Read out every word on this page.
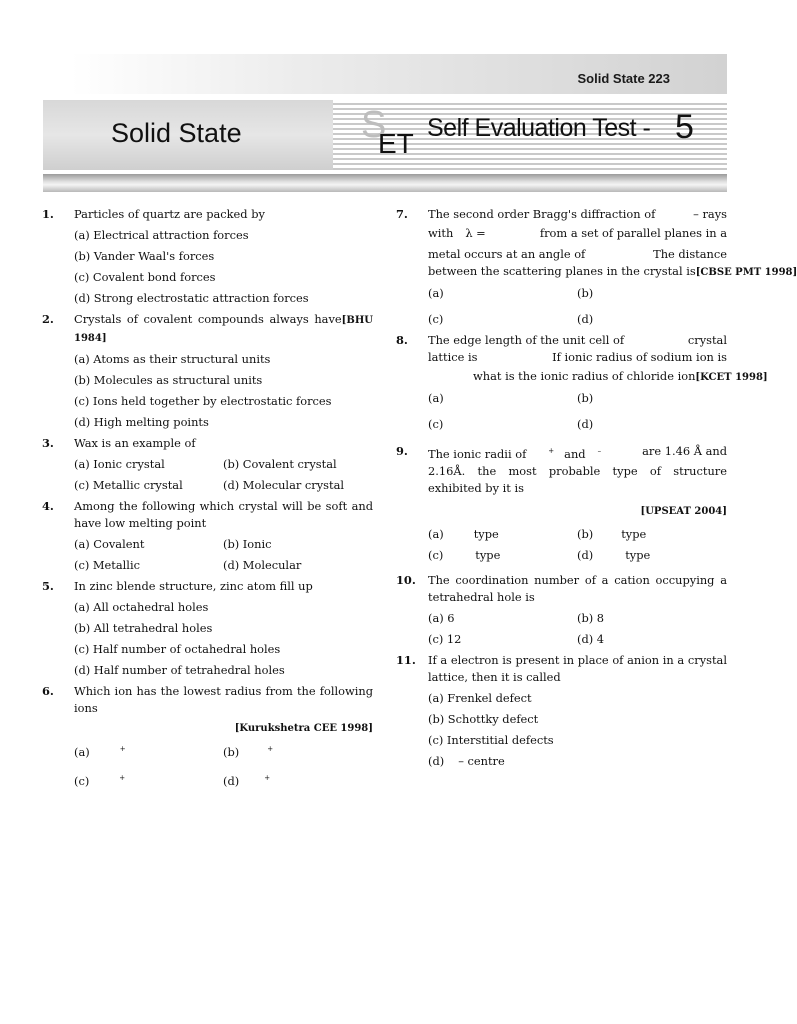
Solid State 223
Solid State	S
ET Self Evaluation Test - 5
1. Particles of quartz are packed by
(a) Electrical attraction forces
(b) Vander Waal's forces
(c) Covalent bond forces
(d) Strong electrostatic attraction forces
2. Crystals of covalent compounds always have[BHU 1984]
(a) Atoms as their structural units
(b) Molecules as structural units
(c) Ions held together by electrostatic forces
(d) High melting points
3. Wax is an example of
(a) Ionic crystal	(b) Covalent crystal
(c) Metallic crystal	(d) Molecular crystal
4. Among the following which crystal will be soft and have low melting point
(a) Covalent	(b) Ionic
(c) Metallic	(d) Molecular
5. In zinc blende structure, zinc atom fill up
(a) All octahedral holes
(b) All tetrahedral holes
(c) Half number of octahedral holes
(d) Half number of tetrahedral holes
6. Which ion has the lowest radius from the following ions
[Kurukshetra CEE 1998]
(a)	+	(b)	+
(c)	+	(d)	+
7. The second order Bragg's diffraction of	– rays
with λ =	from a set of parallel planes in a
metal occurs at an angle of	The distance
between the scattering planes in the crystal is[CBSE PMT 1998]
(a)	(b)
(c)	(d)
8. The edge length of the unit cell of	crystal
lattice is	If ionic radius of sodium ion is
what is the ionic radius of chloride ion[KCET 1998]
(a)	(b)
(c)	(d)
9. The ionic radii of	+ and –	are 1.46 Å and
2.16Å. the most probable type of structure exhibited by it is
[UPSEAT 2004]
(a)	type	(b) type
(c)	type	(d)	type
10. The coordination number of a cation occupying a tetrahedral hole is
(a) 6	(b) 8
(c) 12	(d) 4
11. If a electron is present in place of anion in a crystal lattice, then it is called
(a) Frenkel defect
(b) Schottky defect
(c) Interstitial defects
(d) – centre
